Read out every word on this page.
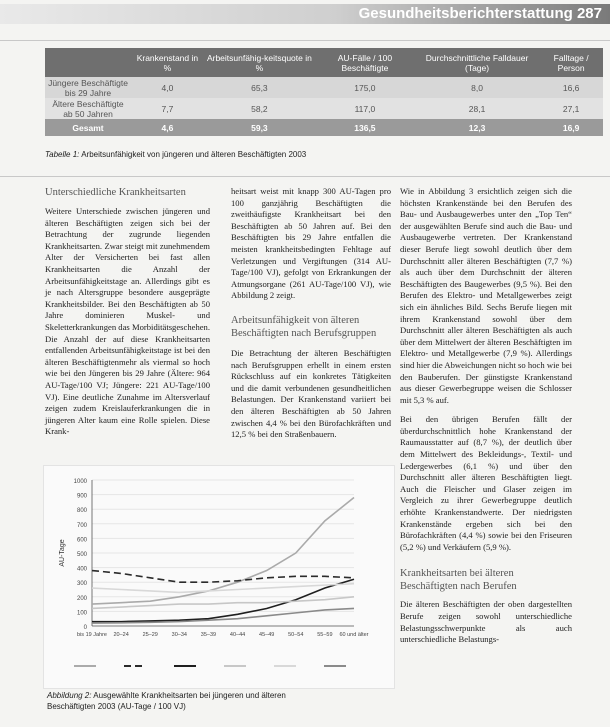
Gesundheitsberichterstattung 287
	Krankenstand in %	Arbeitsunfähig-keitsquote in %	AU-Fälle / 100 Beschäftigte	Durchschnittliche Falldauer (Tage)	Falltage / Person
Jüngere Beschäftigte bis 29 Jahre	4,0	65,3	175,0	8,0	16,6
Ältere Beschäftigte ab 50 Jahren	7,7	58,2	117,0	28,1	27,1
Gesamt	4,6	59,3	136,5	12,3	16,9
Tabelle 1: Arbeitsunfähigkeit von jüngeren und älteren Beschäftigten 2003
Unterschiedliche Krankheitsarten

Weitere Unterschiede zwischen jüngeren und älteren Beschäftigten zeigen sich bei der Betrachtung der zugrunde liegenden Krankheitsarten. Zwar steigt mit zunehmendem Alter der Versicherten bei fast allen Krankheitsarten die Anzahl der Arbeitsunfähigkeitstage an. Allerdings gibt es je nach Altersgruppe besondere ausgeprägte Krankheitsbilder. Bei den Beschäftigten ab 50 Jahre dominieren Muskel- und Skeletterkrankungen das Morbiditätsgeschehen. Die Anzahl der auf diese Krankheitsarten entfallenden Arbeitsunfähigkeitstage ist bei den älteren Beschäftigtenmehr als viermal so hoch wie bei den Jüngeren bis 29 Jahre (Ältere: 964 AU-Tage/100 VJ; Jüngere: 221 AU-Tage/100 VJ). Eine deutliche Zunahme im Altersverlauf zeigen zudem Kreislauferkrankungen die in jüngeren Alter kaum eine Rolle spielen. Diese Krank-

heitsart weist mit knapp 300 AU-Tagen pro 100 ganzjährig Beschäftigten die zweithäufigste Krankheitsart bei den Beschäftigten ab 50 Jahren auf. Bei den Beschäftigten bis 29 Jahre entfallen die meisten krankheitsbedingten Fehltage auf Verletzungen und Vergiftungen (314 AU-Tage/100 VJ), gefolgt von Erkrankungen der Atmungsorgane (261 AU-Tage/100 VJ), wie Abbildung 2 zeigt.

Arbeitsunfähigkeit von älteren Beschäftigten nach Berufsgruppen

Die Betrachtung der älteren Beschäftigten nach Berufsgruppen erhellt in einem ersten Rückschluss auf ein konkretes Tätigkeiten und die damit verbundenen gesundheitlichen Belastungen. Der Krankenstand variiert bei den älteren Beschäftigten ab 50 Jahren zwischen 4,4 % bei den Bürofachkräften und 12,5 % bei den Straßenbauern.

Wie in Abbildung 3 ersichtlich zeigen sich die höchsten Krankenstände bei den Berufen des Bau- und Ausbaugewerbes unter den „Top Ten“ der ausgewählten Berufe sind auch die Bau- und Ausbaugewerbe vertreten. Der Krankenstand dieser Berufe liegt sowohl deutlich über dem Durchschnitt aller älteren Beschäftigten (7,7 %) als auch über dem Durchschnitt der älteren Beschäftigten des Baugewerbes (9,5 %). Bei den Berufen des Elektro- und Metallgewerbes zeigt sich ein ähnliches Bild. Sechs Berufe liegen mit ihrem Krankenstand sowohl über dem Durchschnitt aller älteren Beschäftigten als auch über dem Mittelwert der älteren Beschäftigten im Elektro- und Metallgewerbe (7,9 %). Allerdings sind hier die Abweichungen nicht so hoch wie bei den Bauberufen. Der günstigste Krankenstand aus dieser Gewerbegruppe weisen die Schlosser mit 5,3 % auf.

Bei den übrigen Berufen fällt der überdurchschnittlich hohe Krankenstand der Raumausstatter auf (8,7 %), der deutlich über dem Mittelwert des Bekleidungs-, Textil- und Ledergewerbes (6,1 %) und über den Durchschnitt aller älteren Beschäftigten liegt. Auch die Fleischer und Glaser zeigen im Vergleich zu ihrer Gewerbegruppe deutlich erhöhte Krankenstandwerte. Der niedrigsten Krankenstände ergeben sich bei den Bürofachkräften (4,4 %) sowie bei den Friseuren (5,2 %) und Verkäufern (5,9 %).

Krankheitsarten bei älteren Beschäftigten nach Berufen

Die älteren Beschäftigten der oben dargestellten Berufe zeigen sowohl unterschiedliche Belastungsschwerpunkte als auch unterschiedliche Belastungs-

0
100
200
300
400
500
600
700
800
900
1000
AU-Tage
bis 19 Jahre 20–24	25–29	30–34	35–39	40–44	45–49	50–54	55–59 60 und älter
Abbildung 2: Ausgewählte Krankheitsarten bei jüngeren und älteren
Beschäftigten 2003 (AU-Tage / 100 VJ)
